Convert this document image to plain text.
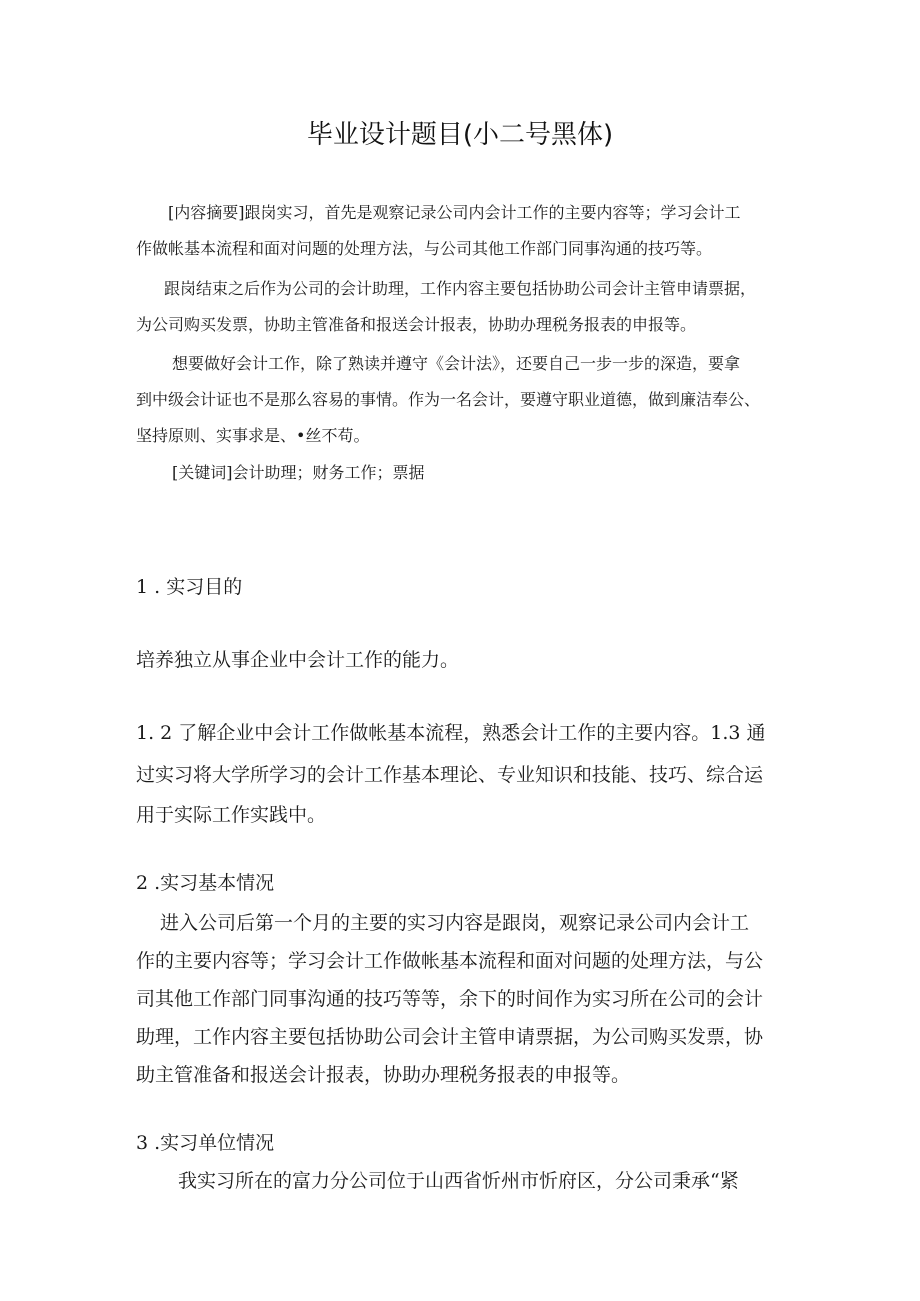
毕业设计题目(小二号黑体)

[内容摘要]跟岗实习，首先是观察记录公司内会计工作的主要内容等；学习会计工

作做帐基本流程和面对问题的处理方法，与公司其他工作部门同事沟通的技巧等。

跟岗结束之后作为公司的会计助理，工作内容主要包括协助公司会计主管申请票据，

为公司购买发票，协助主管准备和报送会计报表，协助办理税务报表的申报等。

想要做好会计工作，除了熟读并遵守《会计法》，还要自己一步一步的深造，要拿

到中级会计证也不是那么容易的事情。作为一名会计，要遵守职业道德，做到廉洁奉公、

坚持原则、实事求是、•丝不苟。

[关键词]会计助理；财务工作；票据

1 . 实习目的

培养独立从事企业中会计工作的能力。

1. 2 了解企业中会计工作做帐基本流程，熟悉会计工作的主要内容。1.3 通

过实习将大学所学习的会计工作基本理论、专业知识和技能、技巧、综合运

用于实际工作实践中。

2 .实习基本情况

进入公司后第一个月的主要的实习内容是跟岗，观察记录公司内会计工

作的主要内容等；学习会计工作做帐基本流程和面对问题的处理方法，与公

司其他工作部门同事沟通的技巧等等，余下的时间作为实习所在公司的会计

助理，工作内容主要包括协助公司会计主管申请票据，为公司购买发票，协

助主管准备和报送会计报表，协助办理税务报表的申报等。

3 .实习单位情况

我实习所在的富力分公司位于山西省忻州市忻府区，分公司秉承“紧
